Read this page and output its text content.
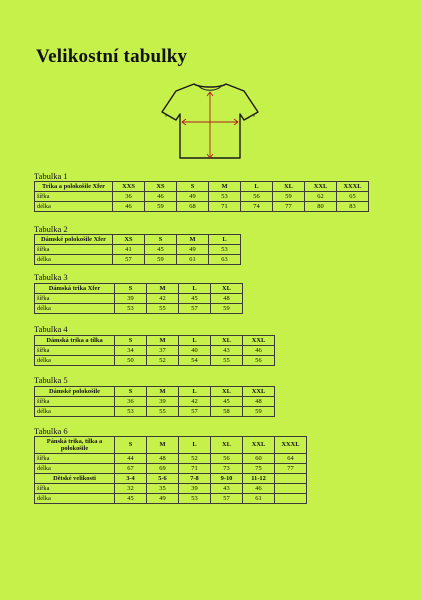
Velikostní tabulky
Tabulka 1
Trika a polokošile Xfer	XXS	XS	S	M	L	XL	XXL	XXXL
šířka	36	46	49	53	56	59	62	65
délka	46	59	68	71	74	77	80	83
Tabulka 2
Dámské polokošile Xfer	XS	S	M	L
šířka	41	45	49	53
délka	57	59	61	63
Tabulka 3
Dámská trika Xfer	S	M	L	XL
šířka	39	42	45	48
délka	53	55	57	59
Tabulka 4
Dámská trika a tílka	S	M	L	XL	XXL
šířka	34	37	40	43	46
délka	50	52	54	55	56
Tabulka 5
Dámské polokošile	S	M	L	XL	XXL
šířka	36	39	42	45	48
délka	53	55	57	58	59
Tabulka 6
Pánská trika, tílka a polokošile	S	M	L	XL	XXL	XXXL
šířka	44	48	52	56	60	64
délka	67	69	71	73	75	77
Dětské velikosti	3-4	5-6	7-8	9-10	11-12	
šířka	32	35	39	43	46	
délka	45	49	53	57	61	
